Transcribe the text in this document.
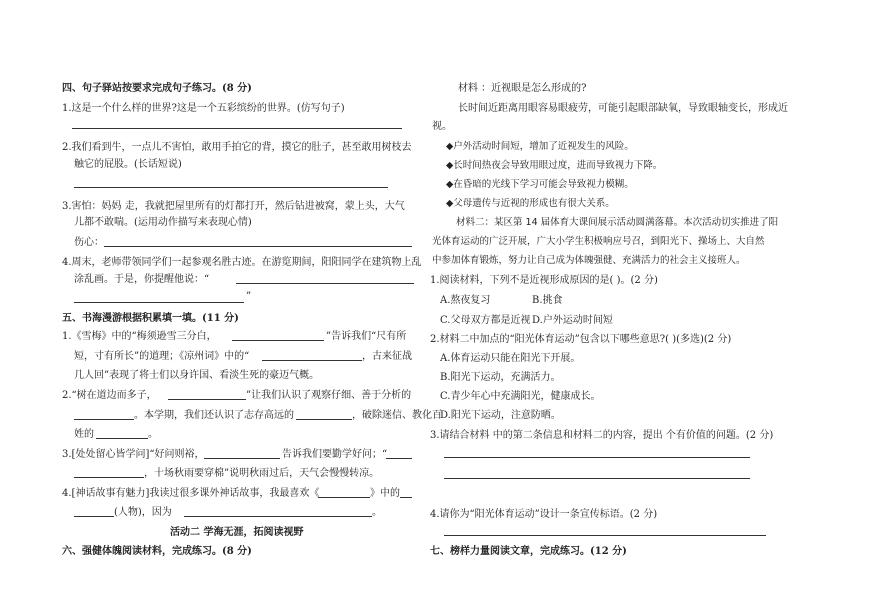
四、句子驿站按要求完成句子练习。(8 分)
1.这是一个什么样的世界?这是一个五彩缤纷的世界。(仿写句子)
2.我们看到牛，一点儿不害怕，敢用手拍它的背，摸它的肚子，甚至敢用树枝去
触它的屁股。(长话短说)
3.害怕：妈妈 走，我就把屋里所有的灯都打开，然后钻进被窝，蒙上头，大气
儿都不敢喘。(运用动作描写来表现心情)
伤心：
4.周末，老师带领同学们一起参观名胜古迹。在游览期间，阳阳同学在建筑物上乱
涂乱画。于是，你提醒他说：“
”
五、书海漫游根据积累填一填。(11 分)
1.《雪梅》中的“梅须逊雪三分白，	”告诉我们“尺有所
短，寸有所长”的道理；《凉州词》中的“	，古来征战
几人回”表现了将士们以身许国、看淡生死的豪迈气概。
2.“树在道边而多子，	”让我们认识了观察仔细、善于分析的
。本学期，我们还认识了志存高远的	，破除迷信、教化百
姓的	。
3.[处处留心皆学问]“好问则裕，	告诉我们要勤学好问；“
，十场秋雨要穿棉”说明秋雨过后，天气会慢慢转凉。
4.[神话故事有魅力]我读过很多课外神话故事，我最喜欢《	》中的
(人物)，因为	。
活动二 学海无涯，拓阅读视野
六、强健体魄阅读材料，完成练习。(8 分)
材料 ：近视眼是怎么形成的?
长时间近距离用眼容易眼疲劳，可能引起眼部缺氧，导致眼轴变长，形成近
视。
◆户外活动时间短，增加了近视发生的风险。
◆长时间热夜会导致用眼过度，进而导致视力下降。
◆在昏暗的光线下学习可能会导致视力模糊。
◆父母遗传与近视的形成也有很大关系。
材料二：某区第 14 届体育大课间展示活动圆满落幕。本次活动切实推进了阳
光体育运动的广泛开展，广大小学生积极响应号召，到阳光下、操场上、大自然
中参加体育锻炼，努力让自己成为体魄强健、充满活力的社会主义接班人。
1.阅读材料，下列不是近视形成原因的是( )。(2 分)
A.熬夜复习	B.挑食
C.父母双方都是近视 D.户外运动时间短
2.材料二中加点的“阳光体育运动”包含以下哪些意思?( )(多选)(2 分)
A.体育运动只能在阳光下开展。
B.阳光下运动，充满活力。
C.青少年心中充满阳光，健康成长。
D.阳光下运动，注意防晒。
3.请结合材料 中的第二条信息和材料二的内容，提出 个有价值的问题。(2 分)
4.请你为“阳光体育运动”设计一条宣传标语。(2 分)
七、榜样力量阅读文章，完成练习。(12 分)
